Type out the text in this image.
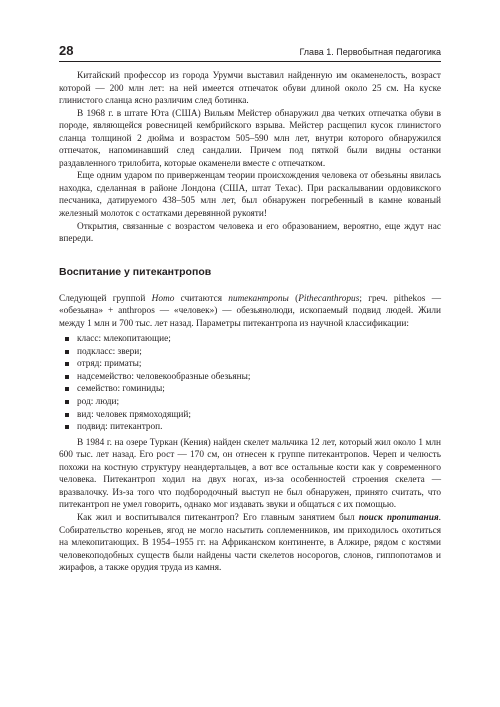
28	Глава 1. Первобытная педагогика

Китайский профессор из города Урумчи выставил найденную им окаменелость, возраст которой — 200 млн лет: на ней имеется отпечаток обуви длиной около 25 см. На куске глинистого сланца ясно различим след ботинка.

В 1968 г. в штате Юта (США) Вильям Мейстер обнаружил два четких отпечатка обуви в породе, являющейся ровесницей кембрийского взрыва. Мейстер расщепил кусок глинистого сланца толщиной 2 дюйма и возрастом 505–590 млн лет, внутри которого обнаружился отпечаток, напоминавший след сандалии. Причем под пяткой были видны останки раздавленного трилобита, которые окаменели вместе с отпечатком.

Еще одним ударом по приверженцам теории происхождения человека от обезьяны явилась находка, сделанная в районе Лондона (США, штат Техас). При раскалывании ордовикского песчаника, датируемого 438–505 млн лет, был обнаружен погребенный в камне кованый железный молоток с остатками деревянной рукояти!

Открытия, связанные с возрастом человека и его образованием, вероятно, еще ждут нас впереди.

Воспитание у питекантропов

Следующей группой Homo считаются питекантропы (Pithecanthropus; греч. pithekos — «обезьяна» + anthropos — «человек») — обезьянолюди, ископаемый подвид людей. Жили между 1 млн и 700 тыс. лет назад. Параметры питекантропа из научной классификации:

класс: млекопитающие;
подкласс: звери;
отряд: приматы;
надсемейство: человекообразные обезьяны;
семейство: гоминиды;
род: люди;
вид: человек прямоходящий;
подвид: питекантроп.

В 1984 г. на озере Туркан (Кения) найден скелет мальчика 12 лет, который жил около 1 млн 600 тыс. лет назад. Его рост — 170 см, он отнесен к группе питекантропов. Череп и челюсть похожи на костную структуру неандертальцев, а вот все остальные кости как у современного человека. Питекантроп ходил на двух ногах, из-за особенностей строения скелета — вразвалочку. Из-за того что подбородочный выступ не был обнаружен, принято считать, что питекантроп не умел говорить, однако мог издавать звуки и общаться с их помощью.

Как жил и воспитывался питекантроп? Его главным занятием был поиск пропитания. Собирательство кореньев, ягод не могло насытить соплеменников, им приходилось охотиться на млекопитающих. В 1954–1955 гг. на Африканском континенте, в Алжире, рядом с костями человекоподобных существ были найдены части скелетов носорогов, слонов, гиппопотамов и жирафов, а также орудия труда из камня.
